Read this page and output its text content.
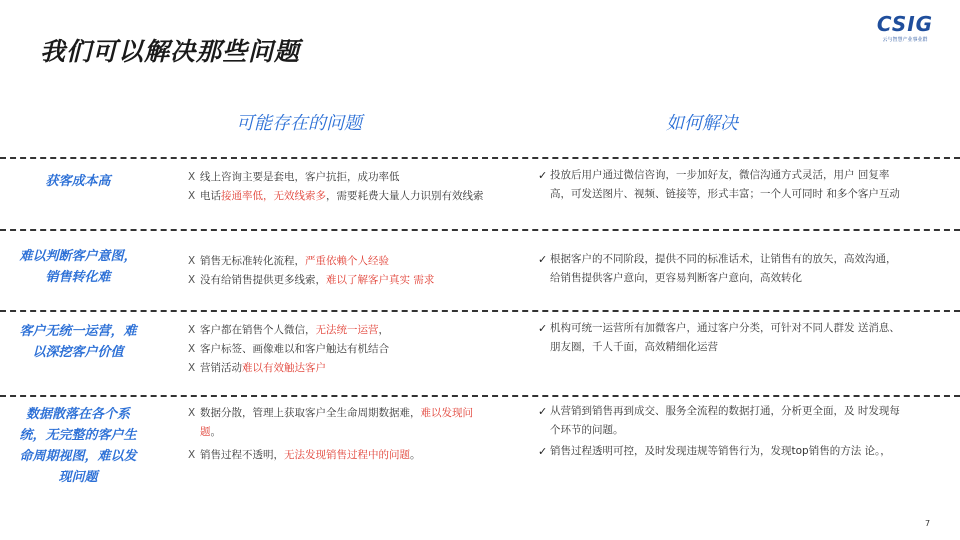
我们可以解决那些问题
CSIG
云与智慧产业事业群
可能存在的问题	如何解决
获客成本高	X 线上咨询主要是套电，客户抗拒，成功率低
X 电话接通率低，无效线索多，需要耗费大量人力识别有效线索
✓ 投放后用户通过微信咨询，一步加好友，微信沟通方式灵活，用户 回复率高，可发送图片、视频、链接等，形式丰富；一个人可同时 和多个客户互动
难以判断客户意图，销售转化难
X 销售无标准转化流程，严重依赖个人经验
X 没有给销售提供更多线索，难以了解客户真实 需求
✓ 根据客户的不同阶段，提供不同的标准话术，让销售有的放矢，高效沟通，给销售提供客户意向，更容易判断客户意向，高效转化
客户无统一运营，难以深挖客户价值
X 客户都在销售个人微信，无法统一运营，
X 客户标签、画像难以和客户触达有机结合
X 营销活动难以有效触达客户
✓ 机构可统一运营所有加微客户，通过客户分类，可针对不同人群发 送消息、朋友圈，千人千面，高效精细化运营
数据散落在各个系统，无完整的客户生命周期视图，难以发现问题
X 数据分散，管理上获取客户全生命周期数据难，难以发现问题。
X 销售过程不透明，无法发现销售过程中的问题。
✓ 从营销到销售再到成交、服务全流程的数据打通，分析更全面，及 时发现每个环节的问题。
✓ 销售过程透明可控，及时发现违规等销售行为，发现top销售的方法 论。，
7
